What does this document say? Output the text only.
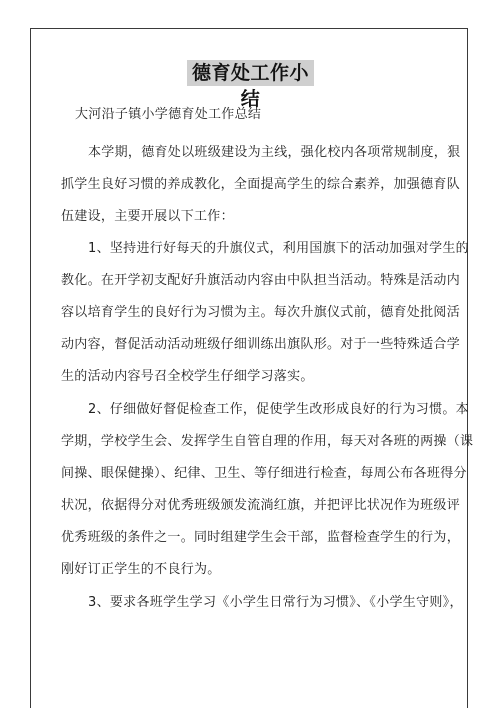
德育处工作小结
大河沿子镇小学德育处工作总结
本学期，德育处以班级建设为主线，强化校内各项常规制度，狠
抓学生良好习惯的养成教化，全面提高学生的综合素养，加强德育队
伍建设，主要开展以下工作：
1、坚持进行好每天的升旗仪式，利用国旗下的活动加强对学生的
教化。在开学初支配好升旗活动内容由中队担当活动。特殊是活动内
容以培育学生的良好行为习惯为主。每次升旗仪式前，德育处批阅活
动内容，督促活动活动班级仔细训练出旗队形。对于一些特殊适合学
生的活动内容号召全校学生仔细学习落实。
2、仔细做好督促检查工作，促使学生改形成良好的行为习惯。本
学期，学校学生会、发挥学生自管自理的作用，每天对各班的两操（课
间操、眼保健操）、纪律、卫生、等仔细进行检查，每周公布各班得分
状况，依据得分对优秀班级颁发流淌红旗，并把评比状况作为班级评
优秀班级的条件之一。同时组建学生会干部，监督检查学生的行为，
刚好订正学生的不良行为。
3、要求各班学生学习《小学生日常行为习惯》、《小学生守则》，
